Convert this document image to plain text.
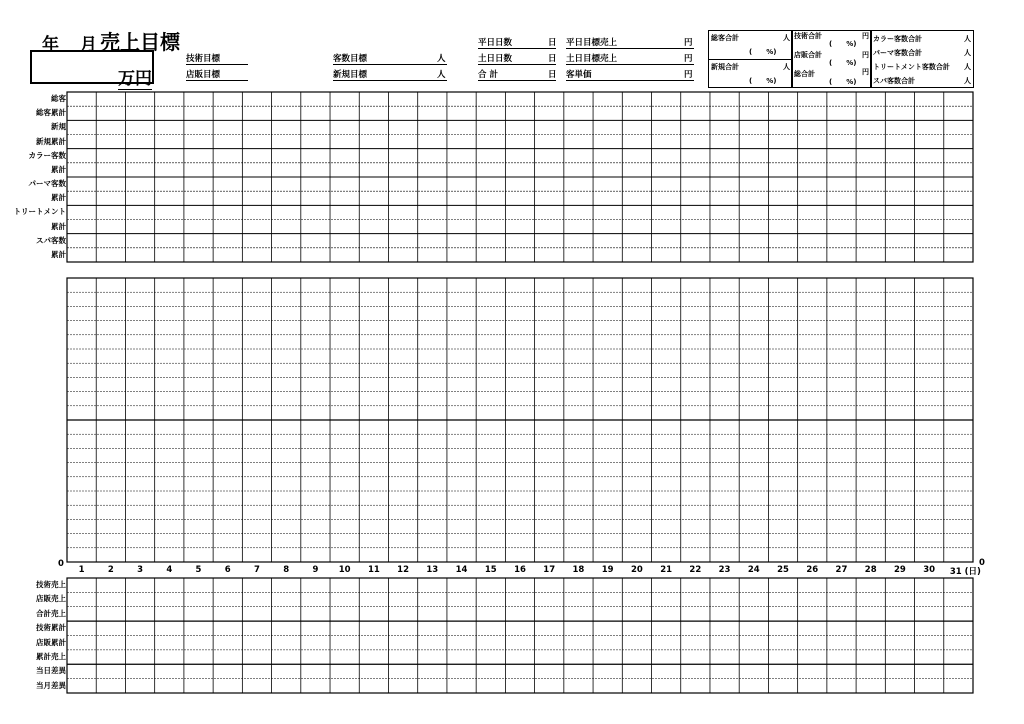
年 月 売上目標
万円
技術目標
店販目標
客数目標	人
新規目標	人
平日日数	日
土日日数	日
合 計	日
平日目標売上	円
土日目標売上	円
客単価	円
総客合計	人
(　　%)
新規合計	人
(　　%)
技術合計	円
(　　%)
店販合計	円
(　　%)
総合計	円
(　　%)
カラー客数合計	人
パーマ客数合計	人
トリートメント客数合計 人
スパ客数合計	人
総客
総客累計
新規
新規累計
カラー客数
累計
パーマ客数
累計
トリートメント
累計
スパ客数
累計
技術売上
店販売上
合計売上
技術累計
店販累計
累計売上
当日差異
当月差異
1	2	3	4	5	6	7	8	9	10	11	12	13	14	15	16	17	18	19	20	21	22	23	24	25	26	27	28	29	30	31 (日)
0	0
